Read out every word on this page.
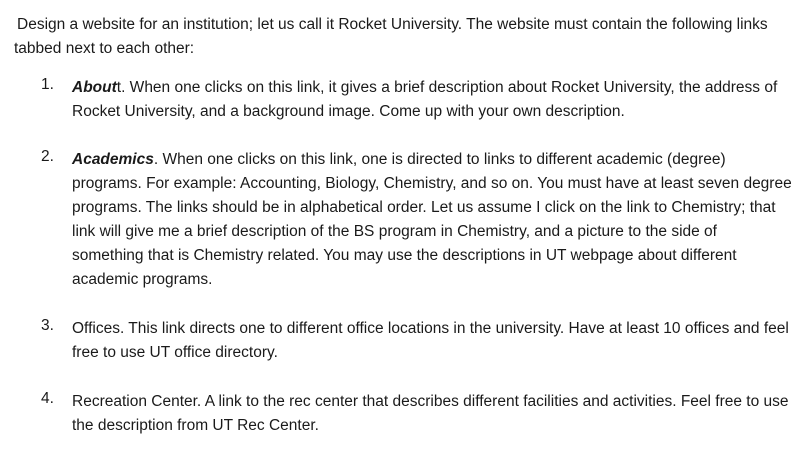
Design a website for an institution; let us call it Rocket University. The website must contain the following links tabbed next to each other:

1.	Aboutt. When one clicks on this link, it gives a brief description about Rocket University, the address of Rocket University, and a background image. Come up with your own description.

2.	Academics. When one clicks on this link, one is directed to links to different academic (degree) programs. For example: Accounting, Biology, Chemistry, and so on. You must have at least seven degree programs. The links should be in alphabetical order. Let us assume I click on the link to Chemistry; that link will give me a brief description of the BS program in Chemistry, and a picture to the side of something that is Chemistry related. You may use the descriptions in UT webpage about different academic programs.

3.	Offices. This link directs one to different office locations in the university. Have at least 10 offices and feel free to use UT office directory.

4.	Recreation Center. A link to the rec center that describes different facilities and activities. Feel free to use the description from UT Rec Center.
